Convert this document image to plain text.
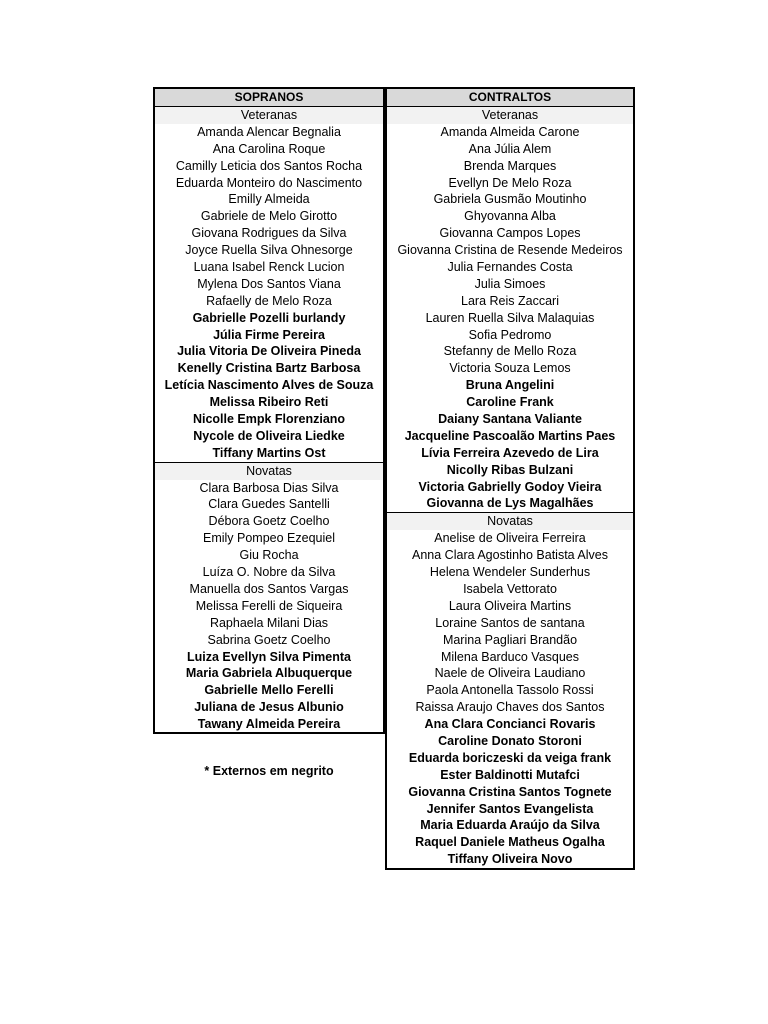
SOPRANOS
Veteranas
Amanda Alencar Begnalia
Ana Carolina Roque
Camilly Leticia dos Santos Rocha
Eduarda Monteiro do Nascimento
Emilly Almeida
Gabriele de Melo Girotto
Giovana Rodrigues da Silva
Joyce Ruella Silva Ohnesorge
Luana Isabel Renck Lucion
Mylena Dos Santos Viana
Rafaelly de Melo Roza
Gabrielle Pozelli burlandy
Júlia Firme Pereira
Julia Vitoria De Oliveira Pineda
Kenelly Cristina Bartz Barbosa
Letícia Nascimento Alves de Souza
Melissa Ribeiro Reti
Nicolle Empk Florenziano
Nycole de Oliveira Liedke
Tiffany Martins Ost
Novatas
Clara Barbosa Dias Silva
Clara Guedes Santelli
Débora Goetz Coelho
Emily Pompeo Ezequiel
Giu Rocha
Luíza O. Nobre da Silva
Manuella dos Santos Vargas
Melissa Ferelli de Siqueira
Raphaela Milani Dias
Sabrina Goetz Coelho
Luiza Evellyn Silva Pimenta
Maria Gabriela Albuquerque
Gabrielle Mello Ferelli
Juliana de Jesus Albunio
Tawany Almeida Pereira
CONTRALTOS
Veteranas
Amanda Almeida Carone
Ana Júlia Alem
Brenda Marques
Evellyn De Melo Roza
Gabriela Gusmão Moutinho
Ghyovanna Alba
Giovanna Campos Lopes
Giovanna Cristina de Resende Medeiros
Julia Fernandes Costa
Julia Simoes
Lara Reis Zaccari
Lauren Ruella Silva Malaquias
Sofia Pedromo
Stefanny de Mello Roza
Victoria Souza Lemos
Bruna Angelini
Caroline Frank
Daiany Santana Valiante
Jacqueline Pascoalão Martins Paes
Lívia Ferreira Azevedo de Lira
Nicolly Ribas Bulzani
Victoria Gabrielly Godoy Vieira
Giovanna de Lys Magalhães
Novatas
Anelise de Oliveira Ferreira
Anna Clara Agostinho Batista Alves
Helena Wendeler Sunderhus
Isabela Vettorato
Laura Oliveira Martins
Loraine Santos de santana
Marina Pagliari Brandão
Milena Barduco Vasques
Naele de Oliveira Laudiano
Paola Antonella Tassolo Rossi
Raissa Araujo Chaves dos Santos
Ana Clara Concianci Rovaris
Caroline Donato Storoni
Eduarda boriczeski da veiga frank
Ester Baldinotti Mutafci
Giovanna Cristina Santos Tognete
Jennifer Santos Evangelista
Maria Eduarda Araújo da Silva
Raquel Daniele Matheus Ogalha
Tiffany Oliveira Novo
* Externos em negrito
